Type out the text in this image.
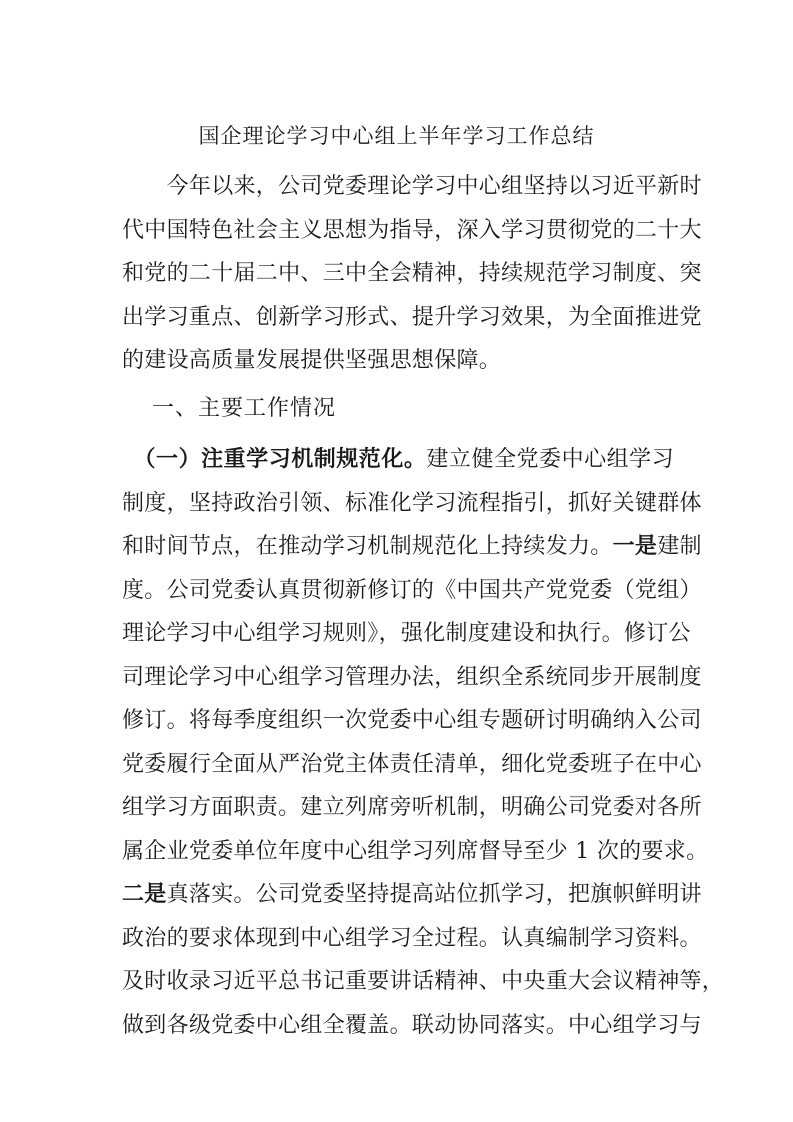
国企理论学习中心组上半年学习工作总结
　　今年以来，公司党委理论学习中心组坚持以习近平新时
代中国特色社会主义思想为指导，深入学习贯彻党的二十大
和党的二十届二中、三中全会精神，持续规范学习制度、突
出学习重点、创新学习形式、提升学习效果，为全面推进党
的建设高质量发展提供坚强思想保障。
一、主要工作情况
　（一）注重学习机制规范化。建立健全党委中心组学习
制度，坚持政治引领、标准化学习流程指引，抓好关键群体
和时间节点，在推动学习机制规范化上持续发力。一是建制
度。公司党委认真贯彻新修订的《中国共产党党委（党组）
理论学习中心组学习规则》，强化制度建设和执行。修订公
司理论学习中心组学习管理办法，组织全系统同步开展制度
修订。将每季度组织一次党委中心组专题研讨明确纳入公司
党委履行全面从严治党主体责任清单，细化党委班子在中心
组学习方面职责。建立列席旁听机制，明确公司党委对各所
属企业党委单位年度中心组学习列席督导至少 1 次的要求。
二是真落实。公司党委坚持提高站位抓学习，把旗帜鲜明讲
政治的要求体现到中心组学习全过程。认真编制学习资料。
及时收录习近平总书记重要讲话精神、中央重大会议精神等，
做到各级党委中心组全覆盖。联动协同落实。中心组学习与
